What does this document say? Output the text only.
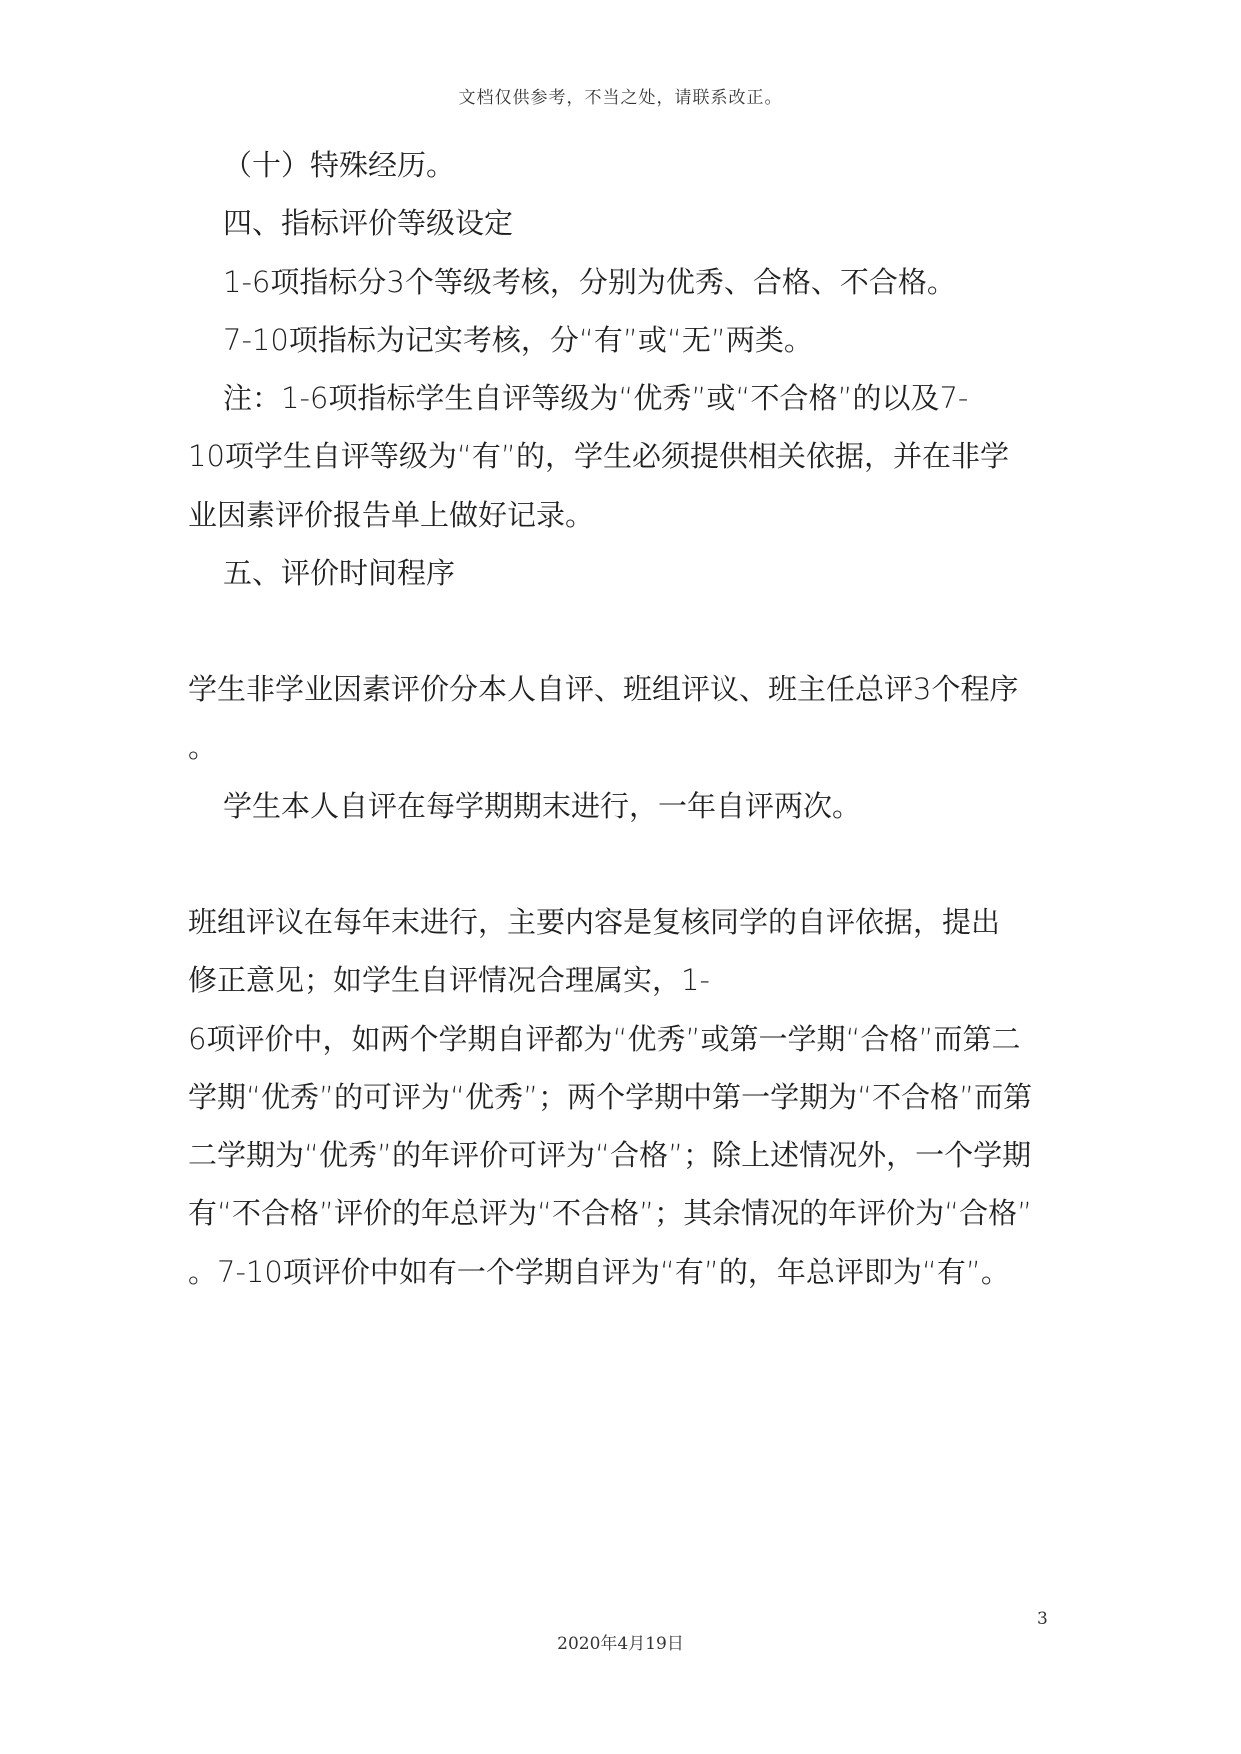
文档仅供参考，不当之处，请联系改正。

（十）特殊经历。

四、指标评价等级设定

1-6项指标分3个等级考核，分别为优秀、合格、不合格。

7-10项指标为记实考核，分“有”或“无”两类。

注：1-6项指标学生自评等级为“优秀”或“不合格”的以及7-

10项学生自评等级为“有”的，学生必须提供相关依据，并在非学

业因素评价报告单上做好记录。

五、评价时间程序

学生非学业因素评价分本人自评、班组评议、班主任总评3个程序

。

学生本人自评在每学期期末进行，一年自评两次。

班组评议在每年末进行，主要内容是复核同学的自评依据，提出

修正意见；如学生自评情况合理属实，1-

6项评价中，如两个学期自评都为“优秀”或第一学期“合格”而第二

学期“优秀”的可评为“优秀”；两个学期中第一学期为“不合格”而第

二学期为“优秀”的年评价可评为“合格”；除上述情况外，一个学期

有“不合格”评价的年总评为“不合格”；其余情况的年评价为“合格”

。7-10项评价中如有一个学期自评为“有”的，年总评即为“有”。

3
2020年4月19日
